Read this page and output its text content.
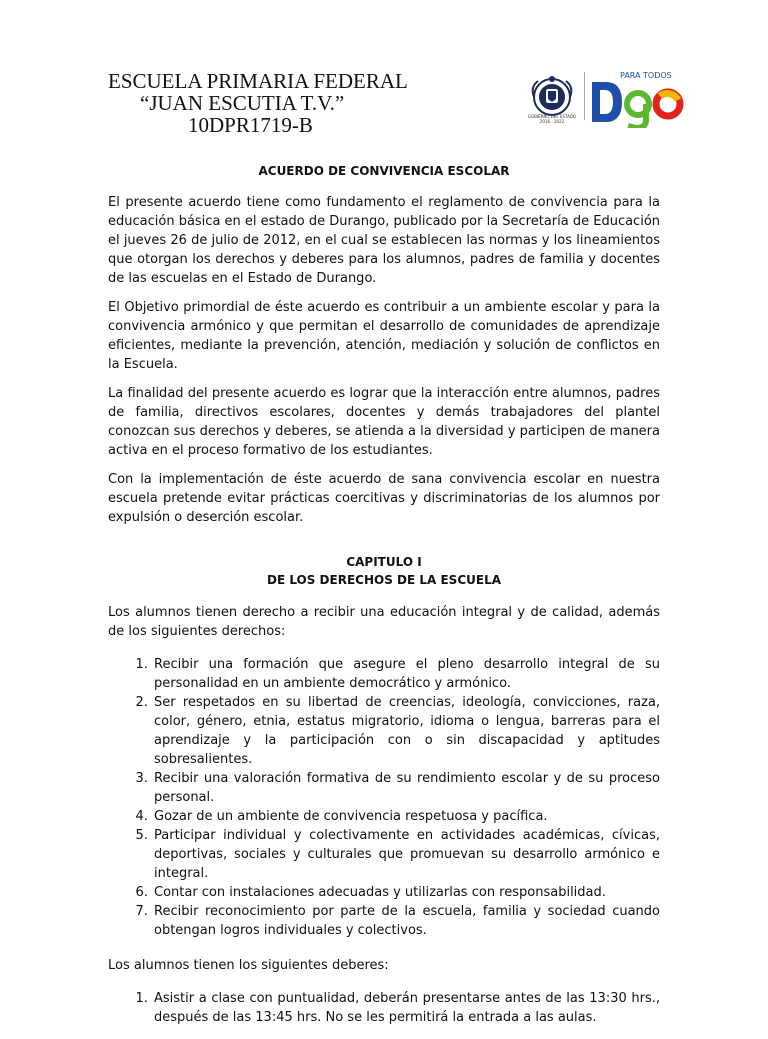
ESCUELA PRIMARIA FEDERAL
“JUAN ESCUTIA T.V.”
10DPR1719-B	GOBIERNO DEL ESTADO 2016 - 2022
PARA TODOS
ACUERDO DE CONVIVENCIA ESCOLAR

El presente acuerdo tiene como fundamento el reglamento de convivencia para la educación básica en el estado de Durango, publicado por la Secretaría de Educación el jueves 26 de julio de 2012, en el cual se establecen las normas y los lineamientos que otorgan los derechos y deberes para los alumnos, padres de familia y docentes de las escuelas en el Estado de Durango.

El Objetivo primordial de éste acuerdo es contribuir a un ambiente escolar y para la convivencia armónico y que permitan el desarrollo de comunidades de aprendizaje eficientes, mediante la prevención, atención, mediación y solución de conflictos en la Escuela.

La finalidad del presente acuerdo es lograr que la interacción entre alumnos, padres de familia, directivos escolares, docentes y demás trabajadores del plantel conozcan sus derechos y deberes, se atienda a la diversidad y participen de manera activa en el proceso formativo de los estudiantes.

Con la implementación de éste acuerdo de sana convivencia escolar en nuestra escuela pretende evitar prácticas coercitivas y discriminatorias de los alumnos por expulsión o deserción escolar.

CAPITULO I
DE LOS DERECHOS DE LA ESCUELA

Los alumnos tienen derecho a recibir una educación integral y de calidad, además de los siguientes derechos:

1. Recibir una formación que asegure el pleno desarrollo integral de su personalidad en un ambiente democrático y armónico.
2. Ser respetados en su libertad de creencias, ideología, convicciones, raza, color, género, etnia, estatus migratorio, idioma o lengua, barreras para el aprendizaje y la participación con o sin discapacidad y aptitudes sobresalientes.
3. Recibir una valoración formativa de su rendimiento escolar y de su proceso personal.
4. Gozar de un ambiente de convivencia respetuosa y pacífica.
5. Participar individual y colectivamente en actividades académicas, cívicas, deportivas, sociales y culturales que promuevan su desarrollo armónico e integral.
6. Contar con instalaciones adecuadas y utilizarlas con responsabilidad.
7. Recibir reconocimiento por parte de la escuela, familia y sociedad cuando obtengan logros individuales y colectivos.

Los alumnos tienen los siguientes deberes:

1. Asistir a clase con puntualidad, deberán presentarse antes de las 13:30 hrs., después de las 13:45 hrs. No se les permitirá la entrada a las aulas.
